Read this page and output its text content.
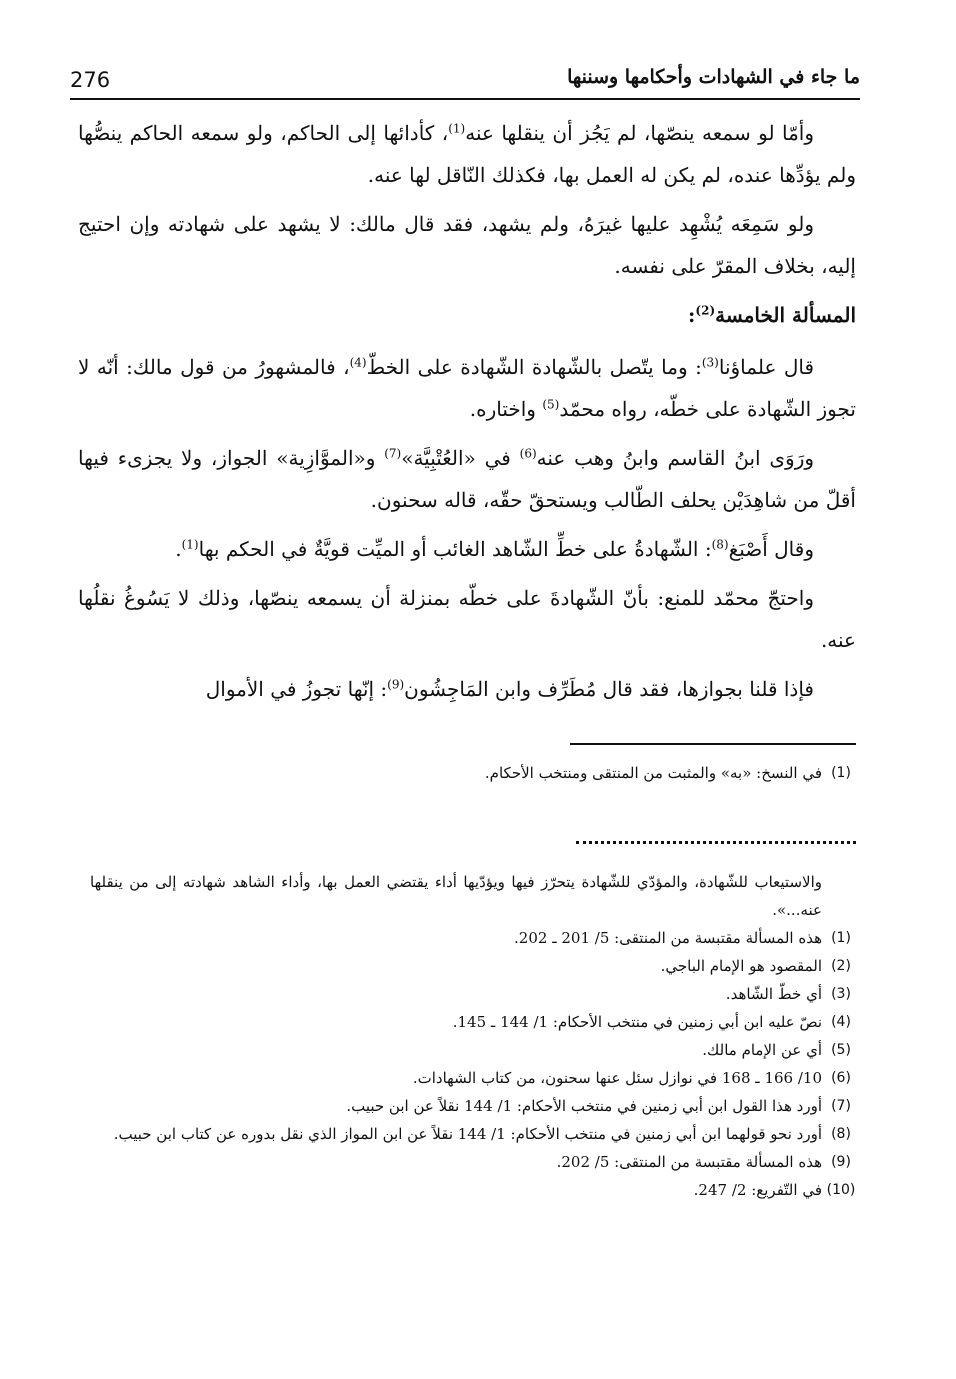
276	ما جاء في الشهادات وأحكامها وسننها

وأمّا لو سمعه ينصّها، لم يَجُز أن ينقلها عنه$^{(1)}$، كأدائها إلى الحاكم، ولو سمعه الحاكم ينصُّها ولم يؤدِّها عنده، لم يكن له العمل بها، فكذلك النّاقل لها عنه.

ولو سَمِعَه يُشْهِد عليها غيرَهُ، ولم يشهد، فقد قال مالك: لا يشهد على شهادته وإن احتيج إليه، بخلاف المقرّ على نفسه.

المسألة الخامسة$^{(2)}$:

قال علماؤنا$^{(3)}$: وما يتّصل بالشّهادة الشّهادة على الخطّ$^{(4)}$، فالمشهورُ من قول مالك: أنّه لا تجوز الشّهادة على خطّه، رواه محمّد$^{(5)}$ واختاره.

ورَوَى ابنُ القاسم وابنُ وهب عنه$^{(6)}$ في «العُتْبِيَّة»$^{(7)}$ و«الموَّازِية» الجواز، ولا يجزىء فيها أقلّ من شاهِدَيْن يحلف الطّالب ويستحقّ حقّه، قاله سحنون.

وقال أَصْبَغ$^{(8)}$: الشّهادةُ على خطِّ الشّاهد الغائب أو الميِّت قويَّةٌ في الحكم بها$^{(1)}$.

واحتجّ محمّد للمنع: بأنّ الشّهادةَ على خطّه بمنزلة أن يسمعه ينصّها، وذلك لا يَسُوغُ نقلُها عنه.

فإذا قلنا بجوازها، فقد قال مُطَرِّف وابن المَاجِشُون$^{(9)}$: إنّها تجوزُ في الأموال

(1)
في النسخ: «به» والمثبت من المنتقى ومنتخب الأحكام.
والاستيعاب للشّهادة، والمؤدّي للشّهادة يتحرّز فيها ويؤدّيها أداء يقتضي العمل بها، وأداء الشاهد شهادته إلى من ينقلها عنه...».
(1)
هذه المسألة مقتبسة من المنتقى: 5/ 201 ـ 202.
(2)
المقصود هو الإمام الباجي.
(3)
أي خطّ الشّاهد.
(4)
نصّ عليه ابن أبي زمنين في منتخب الأحكام: 1/ 144 ـ 145.
(5)
أي عن الإمام مالك.
(6)
10/ 166 ـ 168 في نوازل سئل عنها سحنون، من كتاب الشهادات.
(7)
أورد هذا القول ابن أبي زمنين في منتخب الأحكام: 1/ 144 نقلاً عن ابن حبيب.
(8)
أورد نحو قولهما ابن أبي زمنين في منتخب الأحكام: 1/ 144 نقلاً عن ابن المواز الذي نقل بدوره عن كتاب ابن حبيب.
(9)
هذه المسألة مقتبسة من المنتقى: 5/ 202.
(10)
في التّفريع: 2/ 247.
